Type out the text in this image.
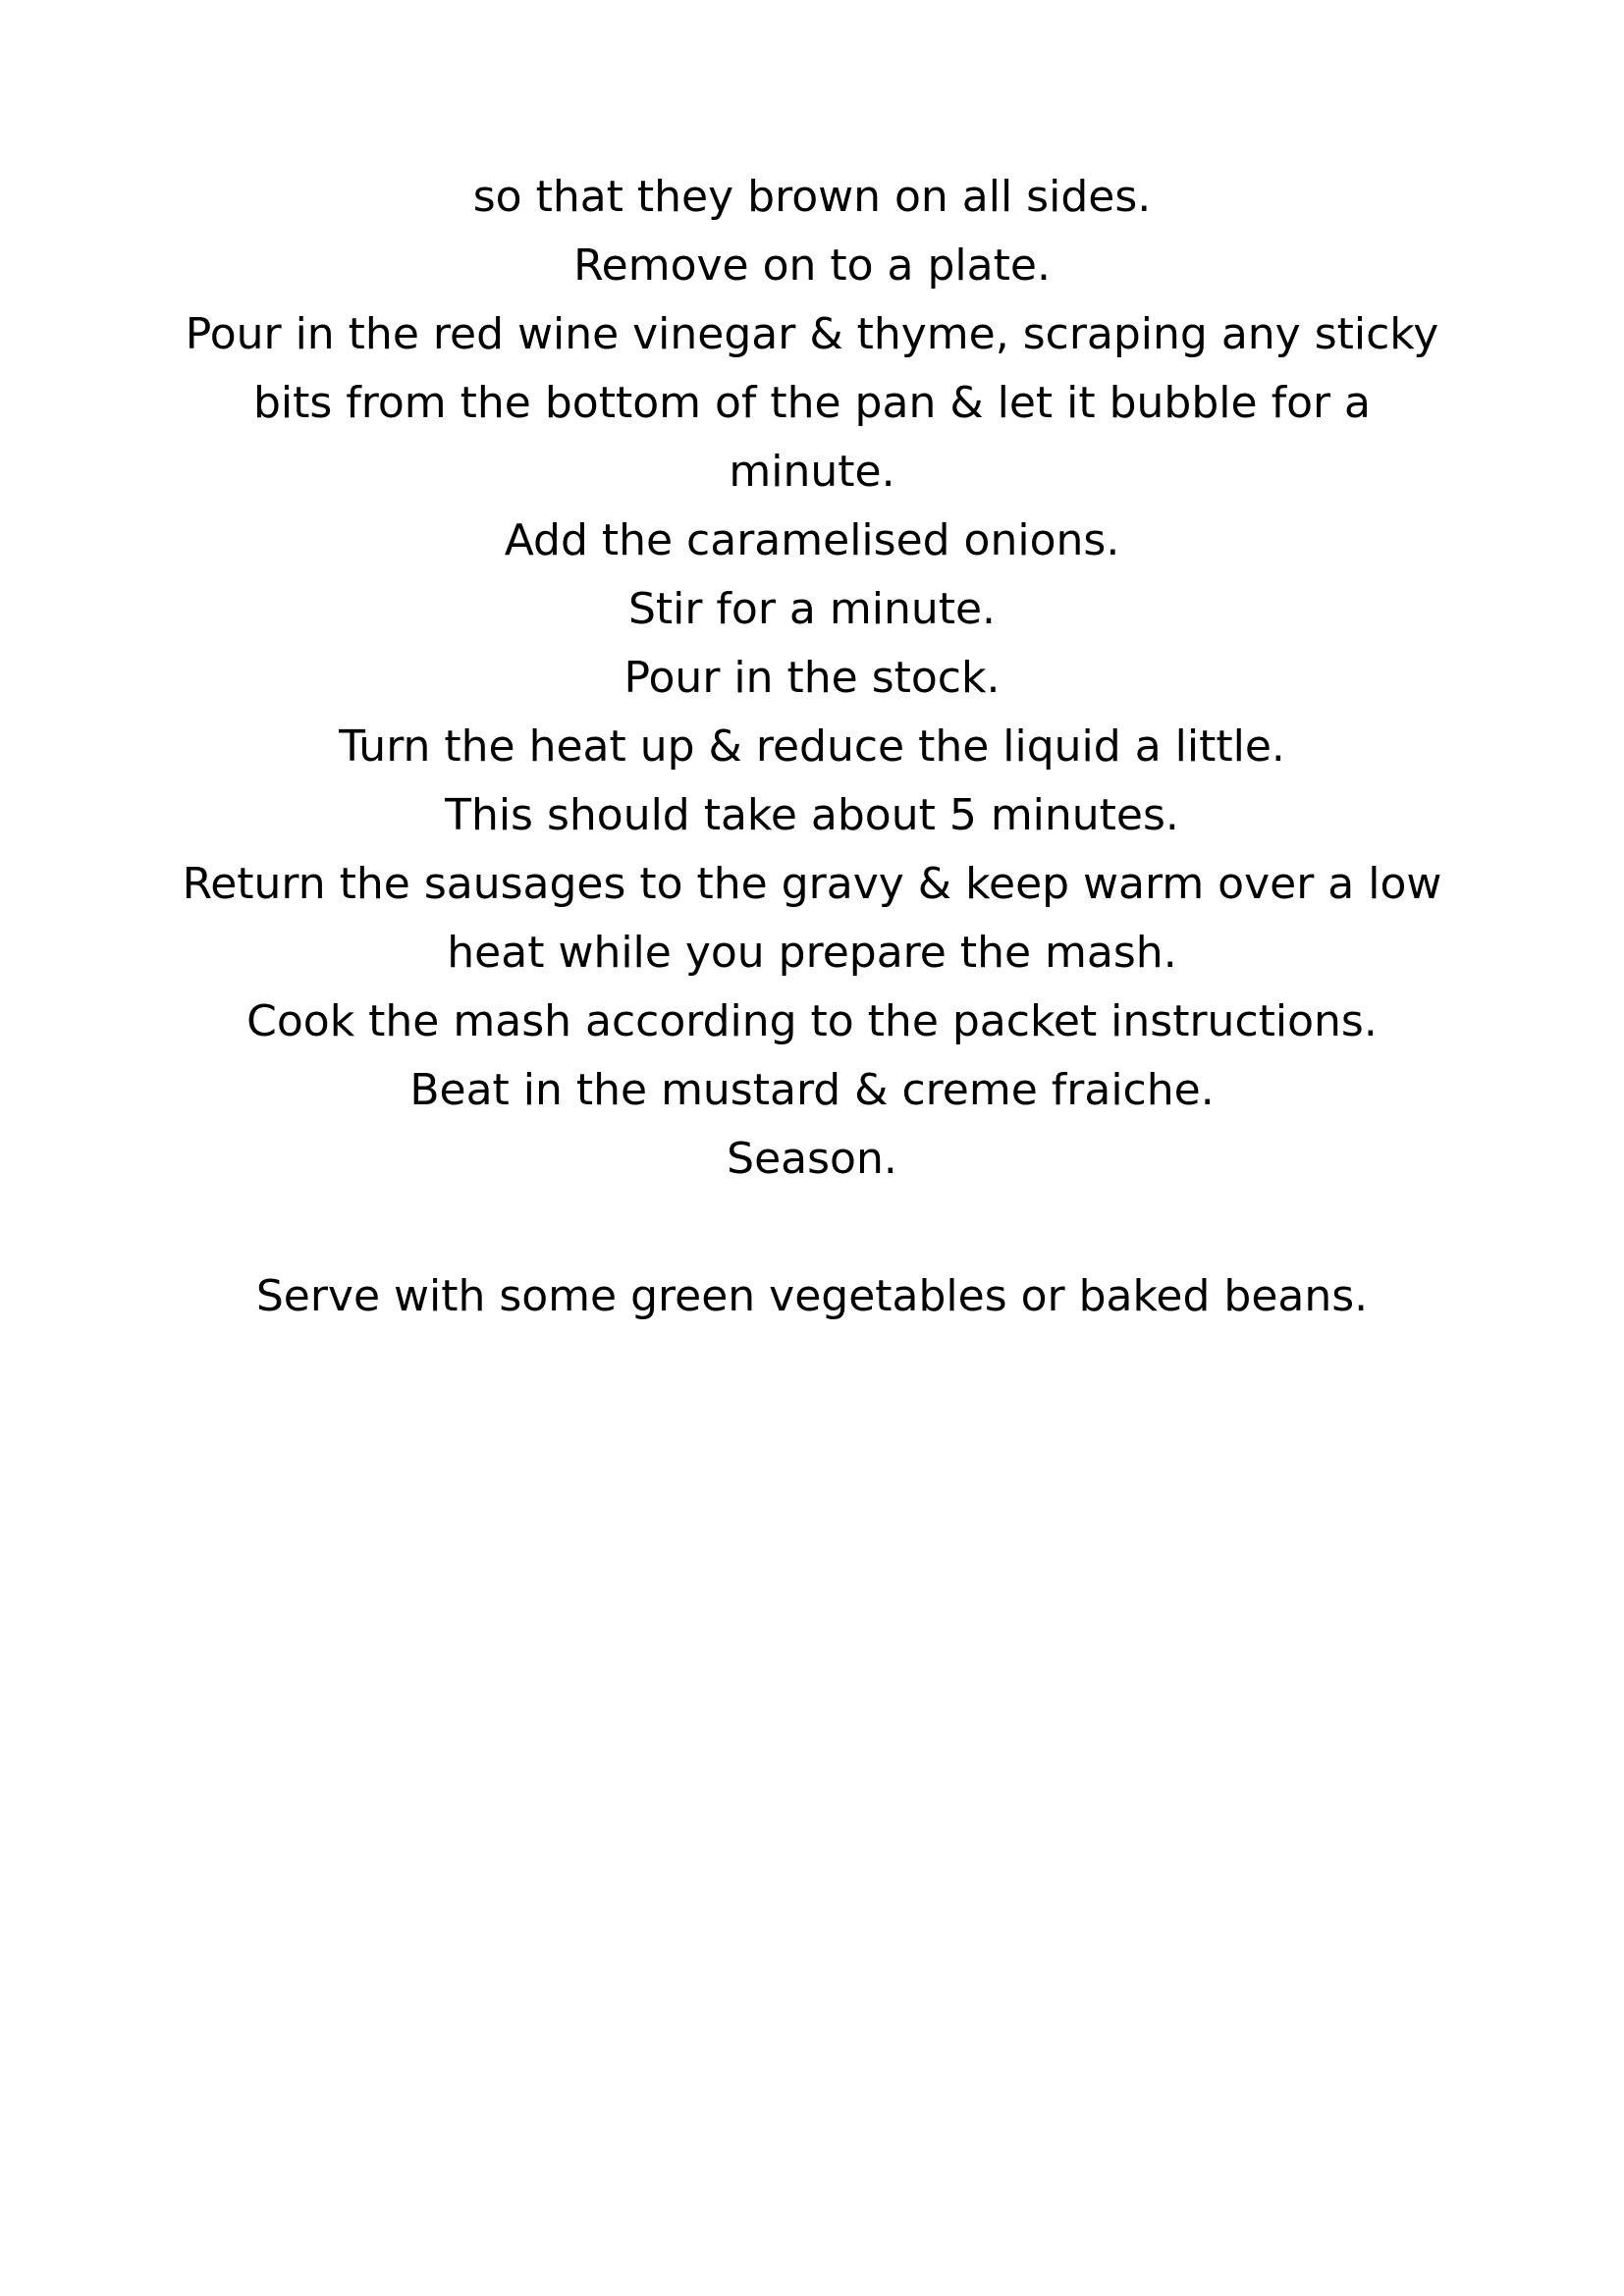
so that they brown on all sides.
Remove on to a plate.
Pour in the red wine vinegar & thyme, scraping any sticky
bits from the bottom of the pan & let it bubble for a
minute.
Add the caramelised onions.
Stir for a minute.
Pour in the stock.
Turn the heat up & reduce the liquid a little.
This should take about 5 minutes.
Return the sausages to the gravy & keep warm over a low
heat while you prepare the mash.
Cook the mash according to the packet instructions.
Beat in the mustard & creme fraiche.
Season.
Serve with some green vegetables or baked beans.
